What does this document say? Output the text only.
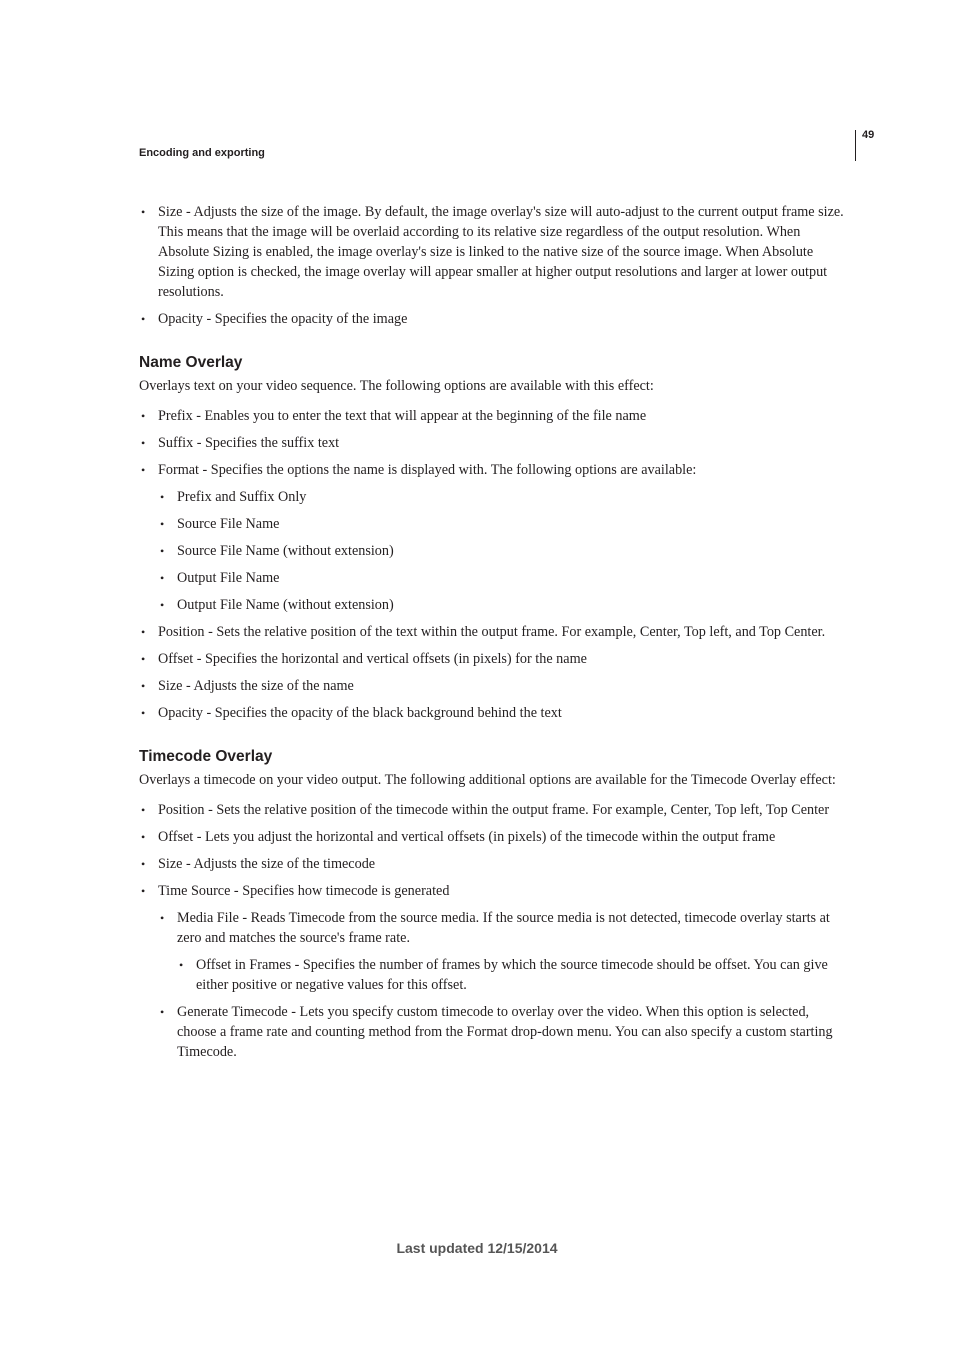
Encoding and exporting
49
• Size - Adjusts the size of the image. By default, the image overlay's size will auto-adjust to the current output frame size. This means that the image will be overlaid according to its relative size regardless of the output resolution. When Absolute Sizing is enabled, the image overlay's size is linked to the native size of the source image. When Absolute Sizing option is checked, the image overlay will appear smaller at higher output resolutions and larger at lower output resolutions.
• Opacity - Specifies the opacity of the image
Name Overlay

Overlays text on your video sequence. The following options are available with this effect:

• Prefix - Enables you to enter the text that will appear at the beginning of the file name
• Suffix - Specifies the suffix text
• Format - Specifies the options the name is displayed with. The following options are available:
• Prefix and Suffix Only
• Source File Name
• Source File Name (without extension)
• Output File Name
• Output File Name (without extension)
• Position - Sets the relative position of the text within the output frame. For example, Center, Top left, and Top Center.
• Offset - Specifies the horizontal and vertical offsets (in pixels) for the name
• Size - Adjusts the size of the name
• Opacity - Specifies the opacity of the black background behind the text
Timecode Overlay

Overlays a timecode on your video output. The following additional options are available for the Timecode Overlay effect:

• Position - Sets the relative position of the timecode within the output frame. For example, Center, Top left, Top Center
• Offset - Lets you adjust the horizontal and vertical offsets (in pixels) of the timecode within the output frame
• Size - Adjusts the size of the timecode
• Time Source - Specifies how timecode is generated
• Media File - Reads Timecode from the source media. If the source media is not detected, timecode overlay starts at zero and matches the source's frame rate.
• Offset in Frames - Specifies the number of frames by which the source timecode should be offset. You can give either positive or negative values for this offset.
• Generate Timecode - Lets you specify custom timecode to overlay over the video. When this option is selected, choose a frame rate and counting method from the Format drop-down menu. You can also specify a custom starting Timecode.
Last updated 12/15/2014
